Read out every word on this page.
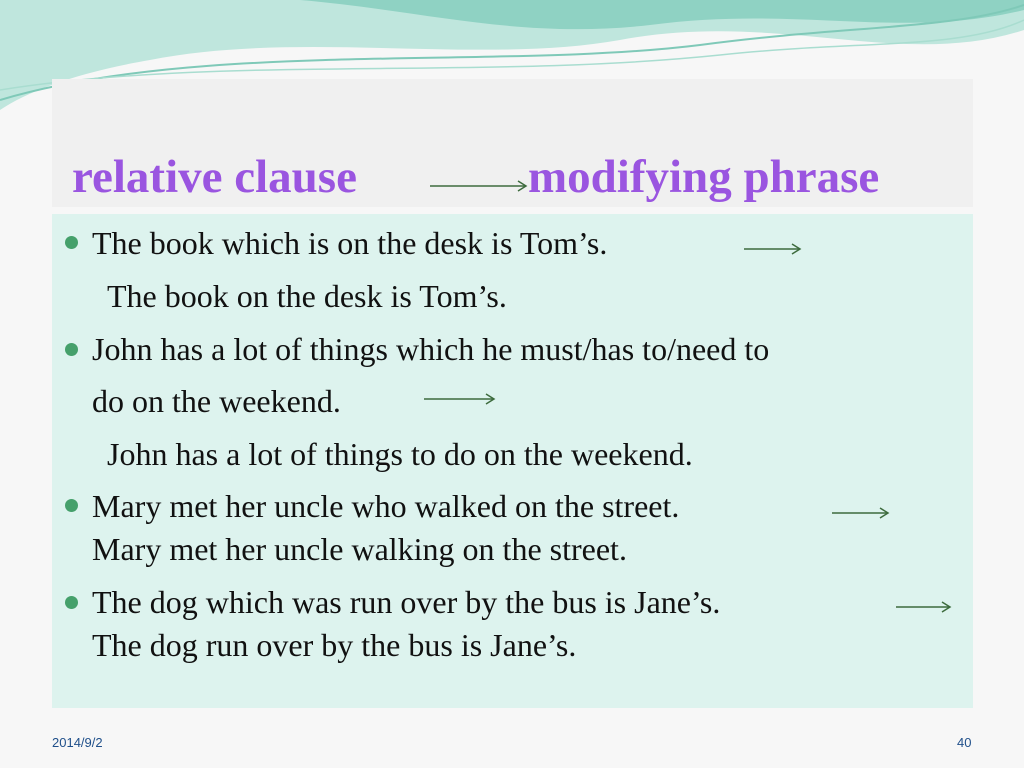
relative clause	modifying phrase
The book which is on the desk is Tom’s.
The book on the desk is Tom’s.
John has a lot of things which he must/has to/need to
do on the weekend.
John has a lot of things to do on the weekend.
Mary met her uncle who walked on the street.
Mary met her uncle walking on the street.
The dog which was run over by the bus is Jane’s.
The dog run over by the bus is Jane’s.
2014/9/2	40
